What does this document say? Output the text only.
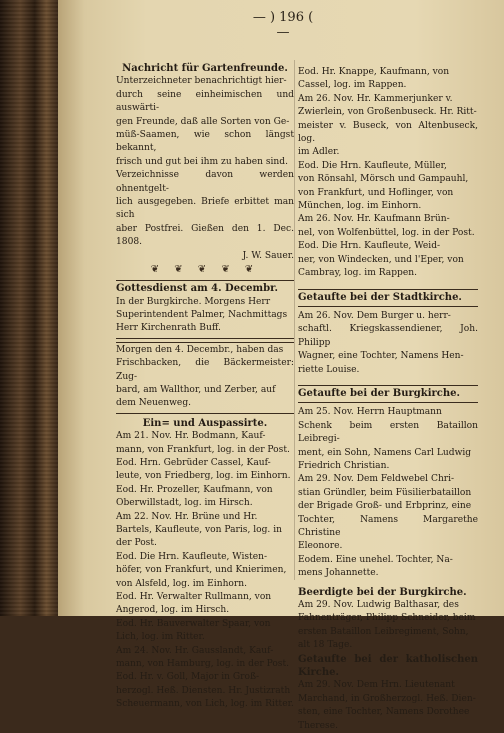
— ) 196 ( —

Nachricht für Gartenfreunde.

Unterzeichneter benachrichtigt hier-

durch seine einheimischen und auswärti-

gen Freunde, daß alle Sorten von Ge-

müß-Saamen, wie schon längst bekannt,

frisch und gut bei ihm zu haben sind.

Verzeichnisse davon werden ohnentgelt-

lich ausgegeben. Briefe erbittet man sich

aber Postfrei. Gießen den 1. Dec. 1808.

J. W. Sauer.

❦ ❦ ❦ ❦ ❦

Gottesdienst am 4. Decembr.

In der Burgkirche. Morgens Herr

Superintendent Palmer, Nachmittags

Herr Kirchenrath Buff.

Morgen den 4. Decembr., haben das

Frischbacken, die Bäckermeister: Zug-

bard, am Wallthor, und Zerber, auf

dem Neuenweg.

Ein= und Auspassirte.

Am 21. Nov. Hr. Bodmann, Kauf-

mann, von Frankfurt, log. in der Post.

Eod. Hrn. Gebrüder Cassel, Kauf-

leute, von Friedberg, log. im Einhorn.

Eod. Hr. Prozeller, Kaufmann, von

Oberwillstadt, log. im Hirsch.

Am 22. Nov. Hr. Brüne und Hr.

Bartels, Kaufleute, von Paris, log. in

der Post.

Eod. Die Hrn. Kaufleute, Wisten-

höfer, von Frankfurt, und Knierimen,

von Alsfeld, log. im Einhorn.

Eod. Hr. Verwalter Rullmann, von

Angerod, log. im Hirsch.

Eod. Hr. Bauverwalter Spaar, von

Lich, log. im Ritter.

Am 24. Nov. Hr. Gausslandt, Kauf-

mann, von Hamburg, log. in der Post.

Eod. Hr. v. Goll, Major in Groß-

herzogl. Heß. Diensten. Hr. Justizrath

Scheuermann, von Lich, log. im Ritter.

Eod. Hr. Knappe, Kaufmann, von

Cassel, log. im Rappen.

Am 26. Nov. Hr. Kammerjunker v.

Zwierlein, von Großenbuseck. Hr. Ritt-

meister v. Buseck, von Altenbuseck, log.

im Adler.

Eod. Die Hrn. Kaufleute, Müller,

von Rönsahl, Mörsch und Gampauhl,

von Frankfurt, und Hoflinger, von

München, log. im Einhorn.

Am 26. Nov. Hr. Kaufmann Brün-

nel, von Wolfenbüttel, log. in der Post.

Eod. Die Hrn. Kaufleute, Weid-

ner, von Windecken, und l'Eper, von

Cambray, log. im Rappen.

Getaufte bei der Stadtkirche.

Am 26. Nov. Dem Burger u. herr-

schaftl. Kriegskassendiener, Joh. Philipp

Wagner, eine Tochter, Namens Hen-

riette Louise.

Getaufte bei der Burgkirche.

Am 25. Nov. Herrn Hauptmann

Schenk beim ersten Bataillon Leibregi-

ment, ein Sohn, Namens Carl Ludwig

Friedrich Christian.

Am 29. Nov. Dem Feldwebel Chri-

stian Gründler, beim Füsilierbataillon

der Brigade Groß- und Erbprinz, eine

Tochter, Namens Margarethe Christine

Eleonore.

Eodem. Eine unehel. Tochter, Na-

mens Johannette.

Beerdigte bei der Burgkirche.

Am 29. Nov. Ludwig Balthasar, des

Fahnenträger, Philipp Schneider, beim

ersten Bataillon Leibregiment, Sohn,

alt 18 Tage.

Getaufte bei der katholischen Kirche.

Am 29. Nov. Dem Hrn. Lieutenant

Marchand, in Großherzogl. Heß. Dien-

sten, eine Tochter, Namens Dorothee

Therese.
